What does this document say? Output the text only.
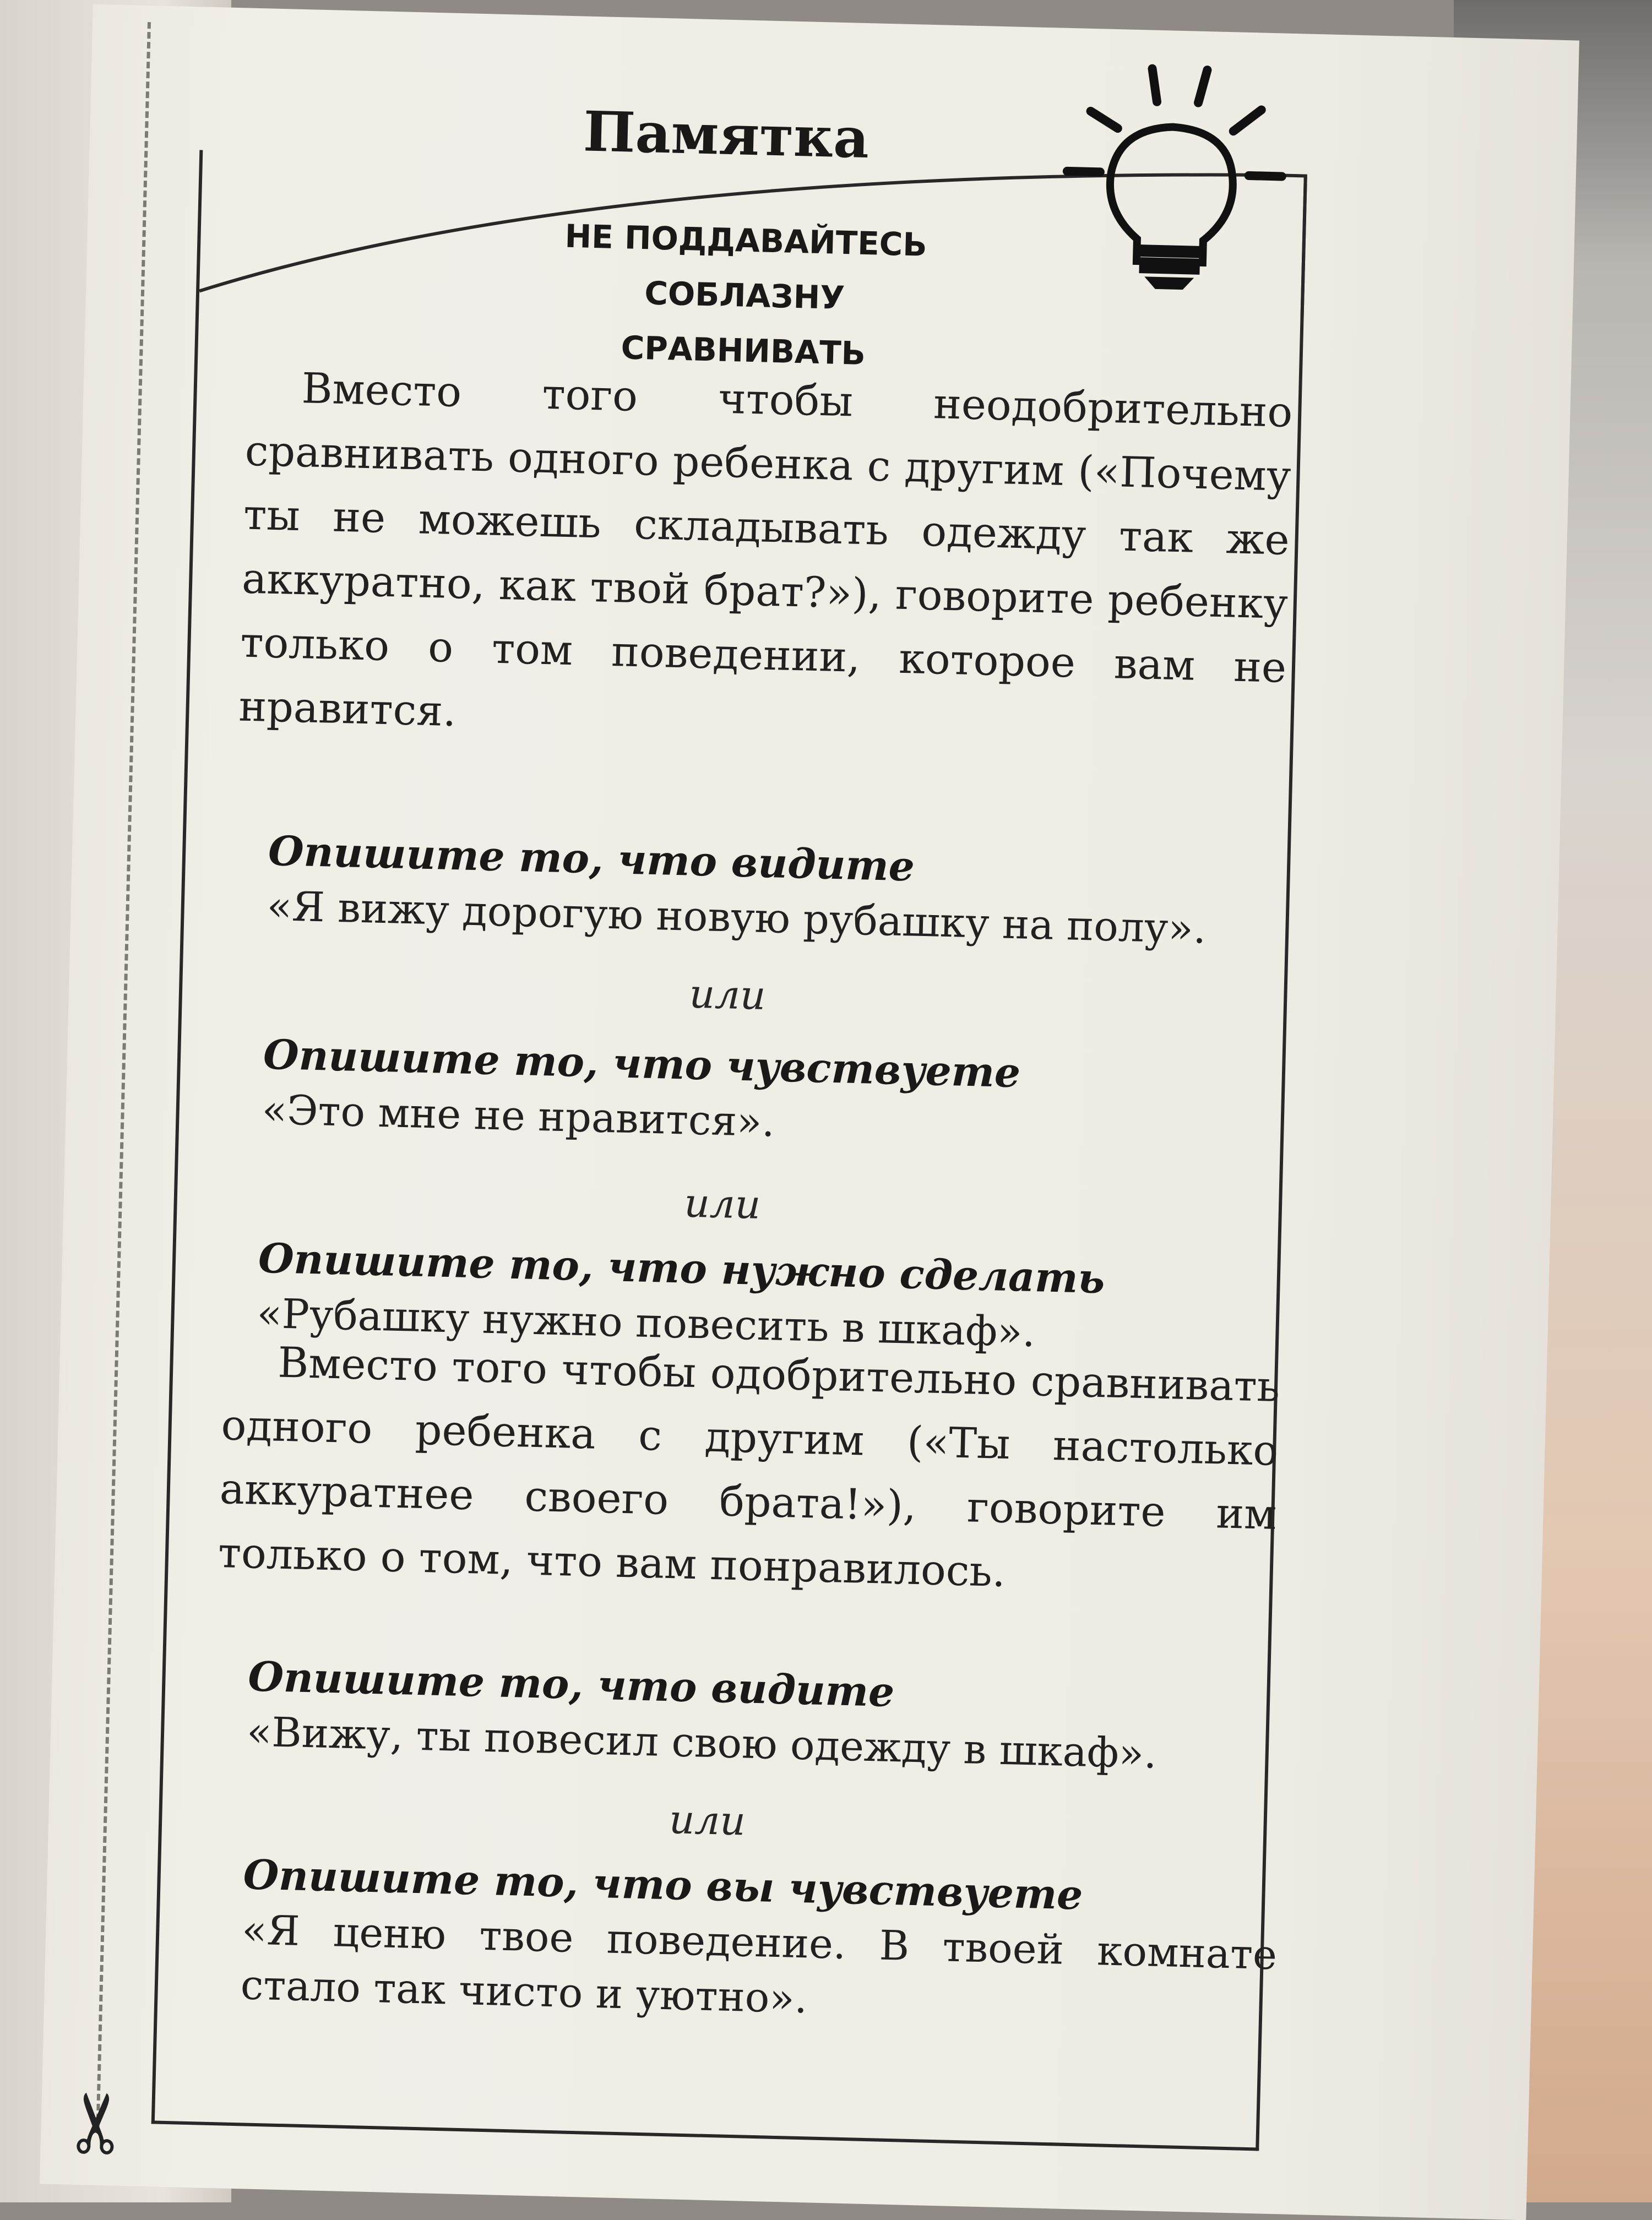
✂
Памятка
НЕ ПОДДАВАЙТЕСЬ СОБЛАЗНУ
СРАВНИВАТЬ
Вместо того чтобы неодобрительно сравнивать одного ребенка с другим («Почему ты не можешь складывать одежду так же аккуратно, как твой брат?»), говорите ребенку только о том поведении, которое вам не нравится.
Опишите то, что видите
«Я вижу дорогую новую рубашку на полу».
или
Опишите то, что чувствуете
«Это мне не нравится».
или
Опишите то, что нужно сделать
«Рубашку нужно повесить в шкаф».
Вместо того чтобы одобрительно сравнивать одного ребенка с другим («Ты настолько аккуратнее своего брата!»), говорите им только о том, что вам понравилось.
Опишите то, что видите
«Вижу, ты повесил свою одежду в шкаф».
или
Опишите то, что вы чувствуете
«Я ценю твое поведение. В твоей комнате стало так чисто и уютно».
